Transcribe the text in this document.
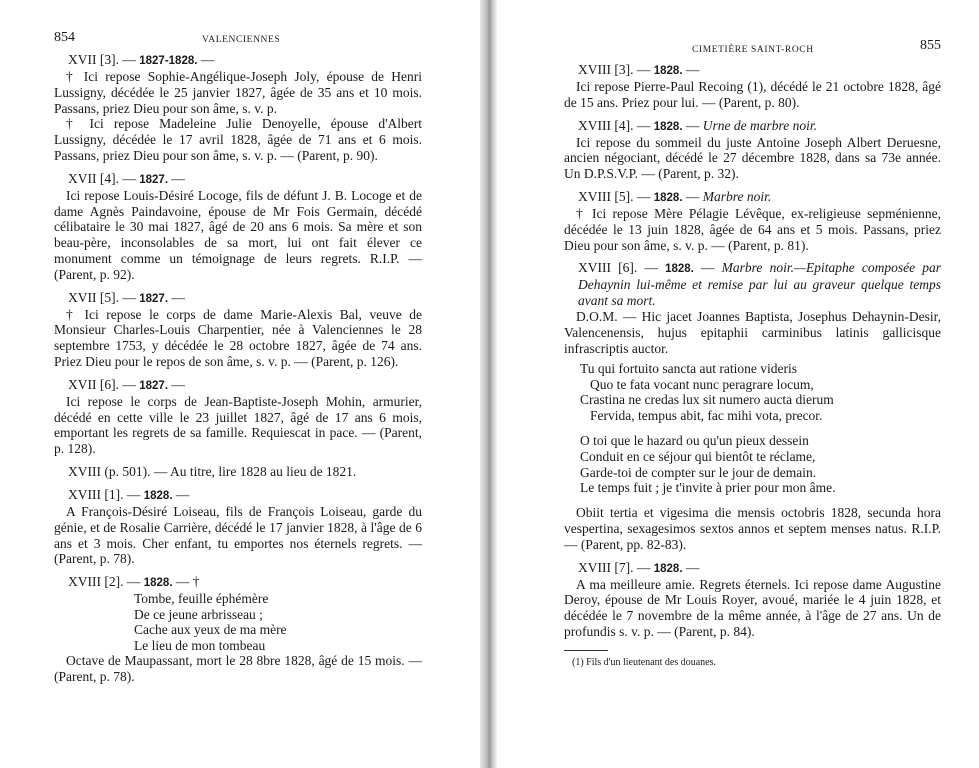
854	VALENCIENNES
XVII [3]. — 1827-1828. —
† Ici repose Sophie-Angélique-Joseph Joly, épouse de Henri Lussigny, décédée le 25 janvier 1827, âgée de 35 ans et 10 mois. Passans, priez Dieu pour son âme, s. v. p.
† Ici repose Madeleine Julie Denoyelle, épouse d'Albert Lussigny, décédée le 17 avril 1828, âgée de 71 ans et 6 mois. Passans, priez Dieu pour son âme, s. v. p. — (Parent, p. 90).
XVII [4]. — 1827. —
Ici repose Louis-Désiré Locoge, fils de défunt J. B. Locoge et de dame Agnès Paindavoine, épouse de Mr Fois Germain, décédé célibataire le 30 mai 1827, âgé de 20 ans 6 mois. Sa mère et son beau-père, inconsolables de sa mort, lui ont fait élever ce monument comme un témoignage de leurs regrets. R.I.P. — (Parent, p. 92).
XVII [5]. — 1827. —
† Ici repose le corps de dame Marie-Alexis Bal, veuve de Monsieur Charles-Louis Charpentier, née à Valenciennes le 28 septembre 1753, y décédée le 28 octobre 1827, âgée de 74 ans. Priez Dieu pour le repos de son âme, s. v. p. — (Parent, p. 126).
XVII [6]. — 1827. —
Ici repose le corps de Jean-Baptiste-Joseph Mohin, armurier, décédé en cette ville le 23 juillet 1827, âgé de 17 ans 6 mois, emportant les regrets de sa famille. Requiescat in pace. — (Parent, p. 128).
XVIII (p. 501). — Au titre, lire 1828 au lieu de 1821.
XVIII [1]. — 1828. —
A François-Désiré Loiseau, fils de François Loiseau, garde du génie, et de Rosalie Carrière, décédé le 17 janvier 1828, à l'âge de 6 ans et 3 mois. Cher enfant, tu emportes nos éternels regrets. — (Parent, p. 78).
XVIII [2]. — 1828. — †
Tombe, feuille éphémère
De ce jeune arbrisseau ;
Cache aux yeux de ma mère
Le lieu de mon tombeau
Octave de Maupassant, mort le 28 8bre 1828, âgé de 15 mois. — (Parent, p. 78).
CIMETIÈRE SAINT-ROCH	855
XVIII [3]. — 1828. —
Ici repose Pierre-Paul Recoing (1), décédé le 21 octobre 1828, âgé de 15 ans. Priez pour lui. — (Parent, p. 80).
XVIII [4]. — 1828. — Urne de marbre noir.
Ici repose du sommeil du juste Antoine Joseph Albert Deruesne, ancien négociant, décédé le 27 décembre 1828, dans sa 73e année. Un D.P.S.V.P. — (Parent, p. 32).
XVIII [5]. — 1828. — Marbre noir.
† Ici repose Mère Pélagie Lévêque, ex-religieuse sepménienne, décédée le 13 juin 1828, âgée de 64 ans et 5 mois. Passans, priez Dieu pour son âme, s. v. p. — (Parent, p. 81).
XVIII [6]. — 1828. — Marbre noir.—Epitaphe composée par Dehaynin lui-même et remise par lui au graveur quelque temps avant sa mort.
D.O.M. — Hic jacet Joannes Baptista, Josephus Dehaynin-Desir, Valencenensis, hujus epitaphii carminibus latinis gallicisque infrascriptis auctor.
Tu qui fortuito sancta aut ratione videris
Quo te fata vocant nunc peragrare locum,
Crastina ne credas lux sit numero aucta dierum
Fervida, tempus abit, fac mihi vota, precor.
O toi que le hazard ou qu'un pieux dessein
Conduit en ce séjour qui bientôt te réclame,
Garde-toi de compter sur le jour de demain.
Le temps fuit ; je t'invite à prier pour mon âme.
Obiit tertia et vigesima die mensis octobris 1828, secunda hora vespertina, sexagesimos sextos annos et septem menses natus. R.I.P. — (Parent, pp. 82-83).
XVIII [7]. — 1828. —
A ma meilleure amie. Regrets éternels. Ici repose dame Augustine Deroy, épouse de Mr Louis Royer, avoué, mariée le 4 juin 1828, et décédée le 7 novembre de la même année, à l'âge de 27 ans. Un de profundis s. v. p. — (Parent, p. 84).
(1) Fils d'un lieutenant des douanes.
